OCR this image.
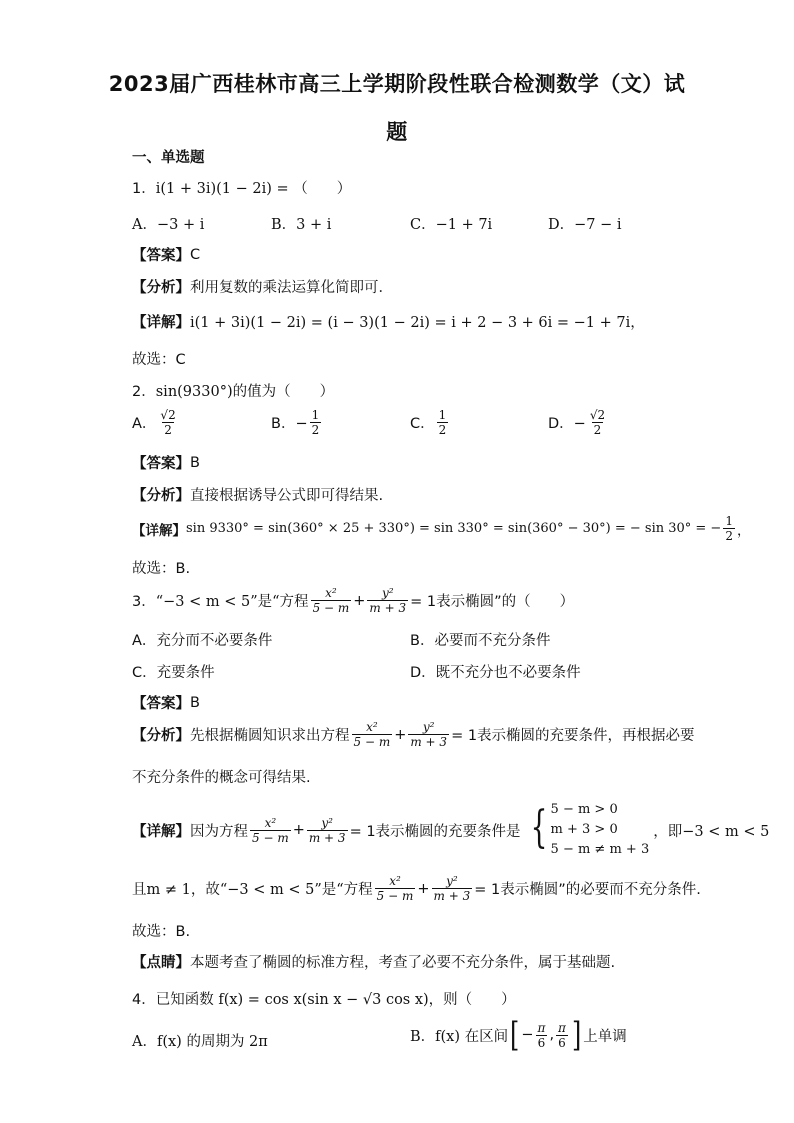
2023届广西桂林市高三上学期阶段性联合检测数学（文）试
题
一、单选题
1． i(1 + 3i)(1 − 2i) = （　　）
A．−3 + i	B．3 + i	C．−1 + 7i	D．−7 − i
【答案】 C
【分析】 利用复数的乘法运算化简即可．
【详解】 i(1 + 3i)(1 − 2i) = (i − 3)(1 − 2i) = i + 2 − 3 + 6i = −1 + 7i，
故选：C
2． sin(9330°)的值为（　　）
A． $\frac{√2}{2}$	B．− $\frac{1}{2}$	C． $\frac{1}{2}$	D．− $\frac{√2}{2}$
【答案】 B
【分析】 直接根据诱导公式即可得结果.
【详解】 sin 9330° = sin(360° × 25 + 330°) = sin 330° = sin(360° − 30°) = − sin 30° = − $\frac{1}{2}$ ，
故选：B.
3． “−3 < m < 5”是“方程 $\frac{\text{x²}}{5 - m} + \frac{\text{y²}}{m + 3} = 1$表示椭圆”的（　　）
A．充分而不必要条件	B．必要而不充分条件
C．充要条件	D．既不充分也不必要条件
【答案】 B
【分析】 先根据椭圆知识求出方程 $\frac{\text{x²}}{5 - m} + \frac{\text{y²}}{m + 3} = 1$表示椭圆的充要条件，再根据必要
不充分条件的概念可得结果.
【详解】 因为方程 $\frac{\text{x²}}{5 - m} + \frac{\text{y²}}{m + 3} = 1$表示椭圆的充要条件是 { 5 − m > 0
m + 3 > 0
5 − m ≠ m + 3
，即−3 < m < 5
且m ≠ 1，故“−3 < m < 5”是“方程 $\frac{\text{x²}}{5 - m} + \frac{\text{y²}}{m + 3} = 1$表示椭圆”的必要而不充分条件.
故选：B.
【点睛】 本题考查了椭圆的标准方程，考查了必要不充分条件，属于基础题.
4． 已知函数 f(x) = cos x(sin x − √3 cos x)，则（　　）
A．f(x) 的周期为 2π	B．f(x) 在区间 [ − $\frac{\pi}{6}$ , $\frac{\pi}{6}$ ] 上单调
